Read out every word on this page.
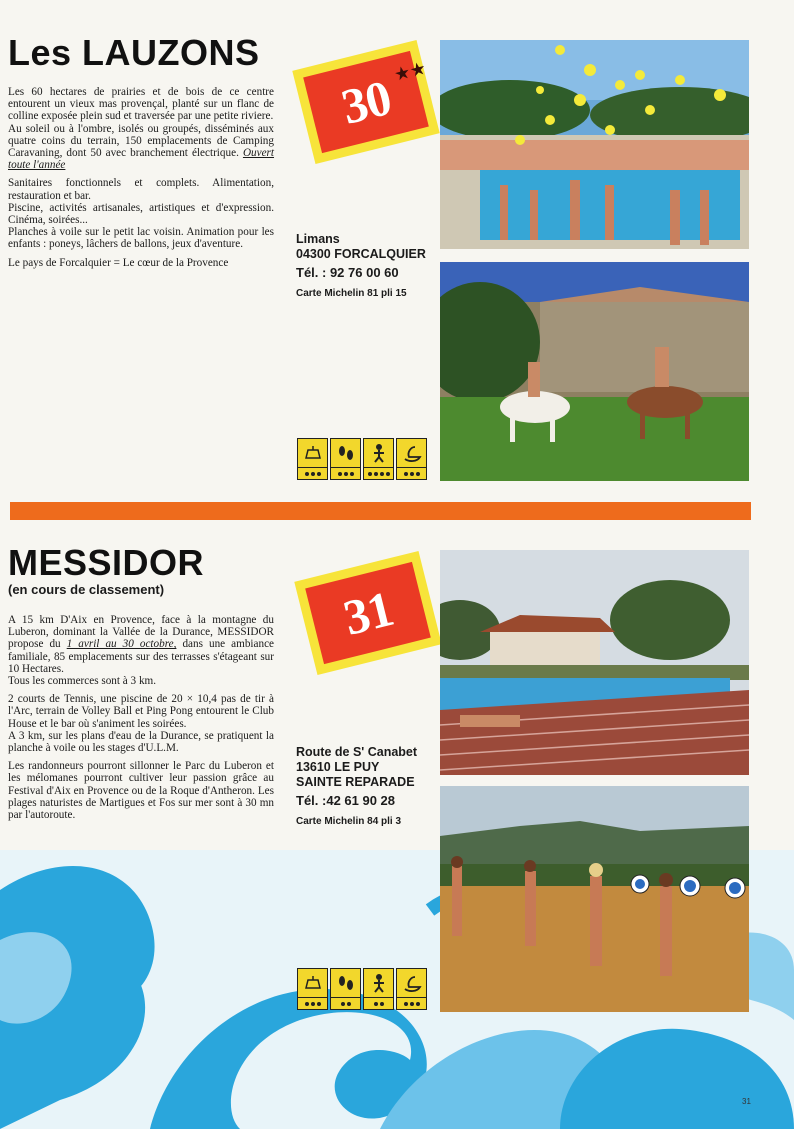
Les LAUZONS

Les 60 hectares de prairies et de bois de ce centre entourent un vieux mas provençal, planté sur un flanc de colline exposée plein sud et traversée par une petite riviere.
Au soleil ou à l'ombre, isolés ou groupés, disséminés aux quatre coins du terrain, 150 emplacements de Camping Caravaning, dont 50 avec branchement électrique. Ouvert toute l'année

Sanitaires fonctionnels et complets. Alimentation, restauration et bar.
Piscine, activités artisanales, artistiques et d'expression. Cinéma, soirées...
Planches à voile sur le petit lac voisin. Animation pour les enfants : poneys, lâchers de ballons, jeux d'aventure.

Le pays de Forcalquier = Le cœur de la Provence

30
★★
Limans
04300 FORCALQUIER
Tél. : 92 76 00 60
Carte Michelin 81 pli 15
MESSIDOR
(en cours de classement)

A 15 km D'Aix en Provence, face à la montagne du Luberon, dominant la Vallée de la Durance, MESSIDOR propose du 1 avril au 30 octobre, dans une ambiance familiale, 85 emplacements sur des terrasses s'étageant sur 10 Hectares.
Tous les commerces sont à 3 km.

2 courts de Tennis, une piscine de 20 × 10,4 pas de tir à l'Arc, terrain de Volley Ball et Ping Pong entourent le Club House et le bar où s'animent les soirées.
A 3 km, sur les plans d'eau de la Durance, se pratiquent la planche à voile ou les stages d'U.L.M.

Les randonneurs pourront sillonner le Parc du Luberon et les mélomanes pourront cultiver leur passion grâce au Festival d'Aix en Provence ou de la Roque d'Antheron. Les plages naturistes de Martigues et Fos sur mer sont à 30 mn par l'autoroute.

31
Route de S' Canabet
13610 LE PUY
SAINTE REPARADE
Tél. :42 61 90 28
Carte Michelin 84 pli 3
31
